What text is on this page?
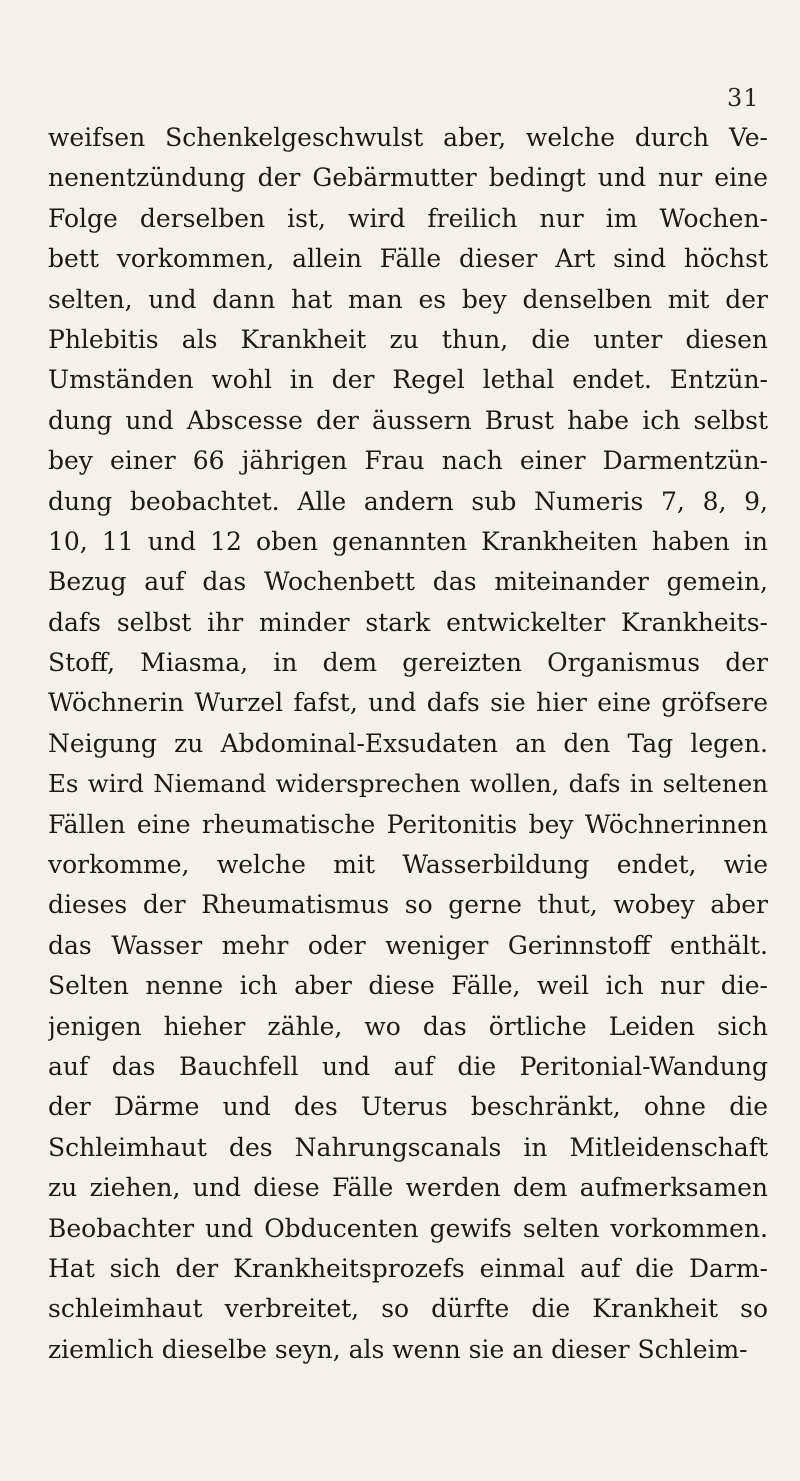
31
weifsen Schenkelgeschwulst aber, welche durch Ve-
nenentzündung der Gebärmutter bedingt und nur eine
Folge derselben ist, wird freilich nur im Wochen-
bett vorkommen, allein Fälle dieser Art sind höchst
selten, und dann hat man es bey denselben mit der
Phlebitis als Krankheit zu thun, die unter diesen
Umständen wohl in der Regel lethal endet. Entzün-
dung und Abscesse der äussern Brust habe ich selbst
bey einer 66 jährigen Frau nach einer Darmentzün-
dung beobachtet. Alle andern sub Numeris 7, 8, 9,
10, 11 und 12 oben genannten Krankheiten haben in
Bezug auf das Wochenbett das miteinander gemein,
dafs selbst ihr minder stark entwickelter Krankheits-
Stoff, Miasma, in dem gereizten Organismus der
Wöchnerin Wurzel fafst, und dafs sie hier eine gröfsere
Neigung zu Abdominal-Exsudaten an den Tag legen.
Es wird Niemand widersprechen wollen, dafs in seltenen
Fällen eine rheumatische Peritonitis bey Wöchnerinnen
vorkomme, welche mit Wasserbildung endet, wie
dieses der Rheumatismus so gerne thut, wobey aber
das Wasser mehr oder weniger Gerinnstoff enthält.
Selten nenne ich aber diese Fälle, weil ich nur die-
jenigen hieher zähle, wo das örtliche Leiden sich
auf das Bauchfell und auf die Peritonial-Wandung
der Därme und des Uterus beschränkt, ohne die
Schleimhaut des Nahrungscanals in Mitleidenschaft
zu ziehen, und diese Fälle werden dem aufmerksamen
Beobachter und Obducenten gewifs selten vorkommen.
Hat sich der Krankheitsprozefs einmal auf die Darm-
schleimhaut verbreitet, so dürfte die Krankheit so
ziemlich dieselbe seyn, als wenn sie an dieser Schleim-
